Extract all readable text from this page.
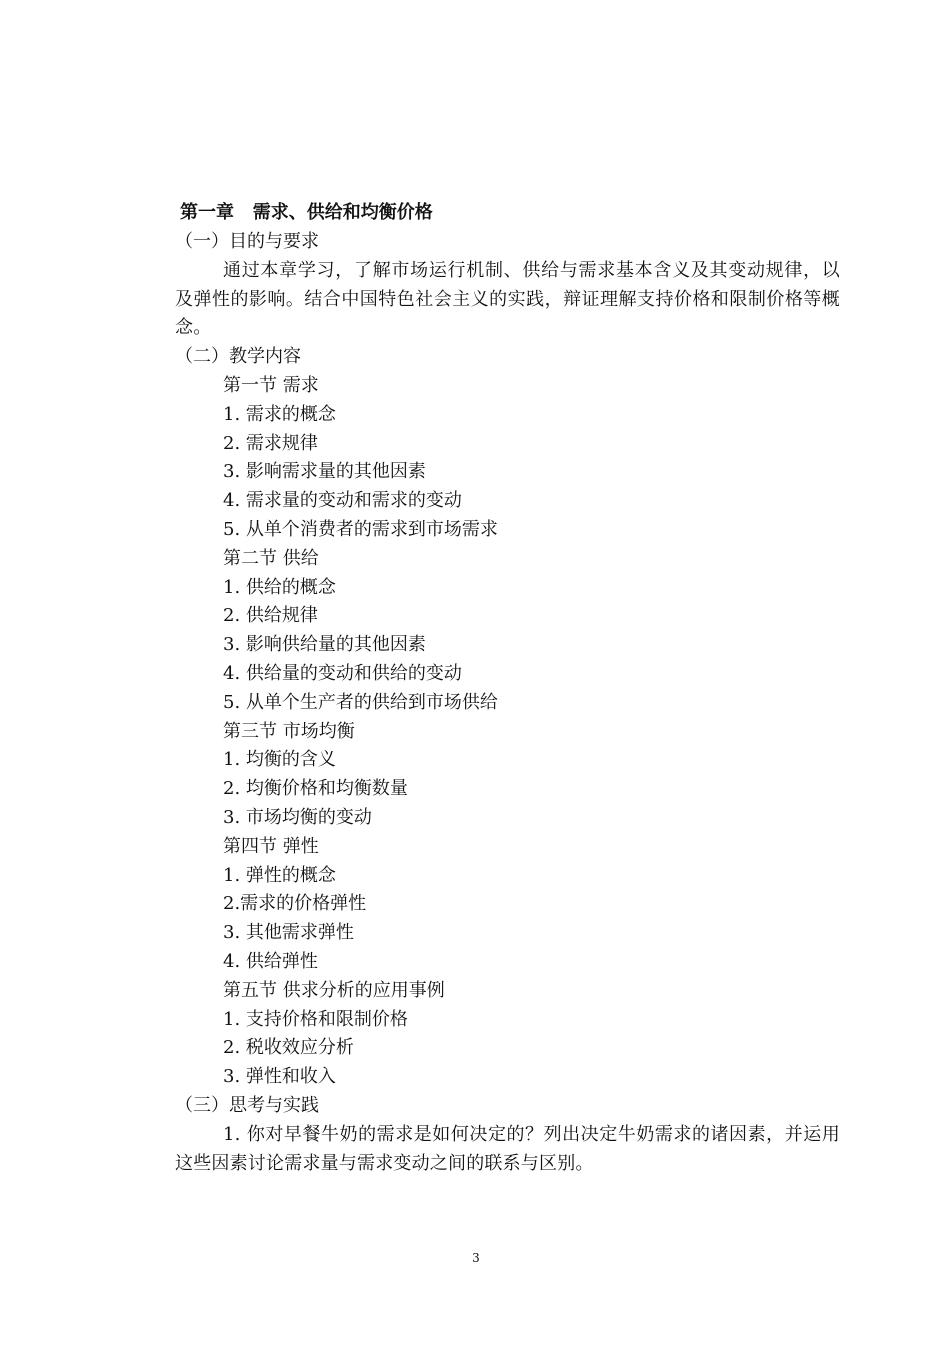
第一章   需求、供给和均衡价格
（一）目的与要求
通过本章学习，了解市场运行机制、供给与需求基本含义及其变动规律，以及弹性的影响。结合中国特色社会主义的实践，辩证理解支持价格和限制价格等概念。
（二）教学内容
第一节 需求
1. 需求的概念
2. 需求规律
3. 影响需求量的其他因素
4. 需求量的变动和需求的变动
5. 从单个消费者的需求到市场需求
第二节 供给
1. 供给的概念
2. 供给规律
3. 影响供给量的其他因素
4. 供给量的变动和供给的变动
5. 从单个生产者的供给到市场供给
第三节 市场均衡
1. 均衡的含义
2. 均衡价格和均衡数量
3. 市场均衡的变动
第四节 弹性
1. 弹性的概念
2.需求的价格弹性
3. 其他需求弹性
4. 供给弹性
第五节 供求分析的应用事例
1. 支持价格和限制价格
2. 税收效应分析
3. 弹性和收入
（三）思考与实践
1. 你对早餐牛奶的需求是如何决定的？列出决定牛奶需求的诸因素，并运用这些因素讨论需求量与需求变动之间的联系与区别。
3
